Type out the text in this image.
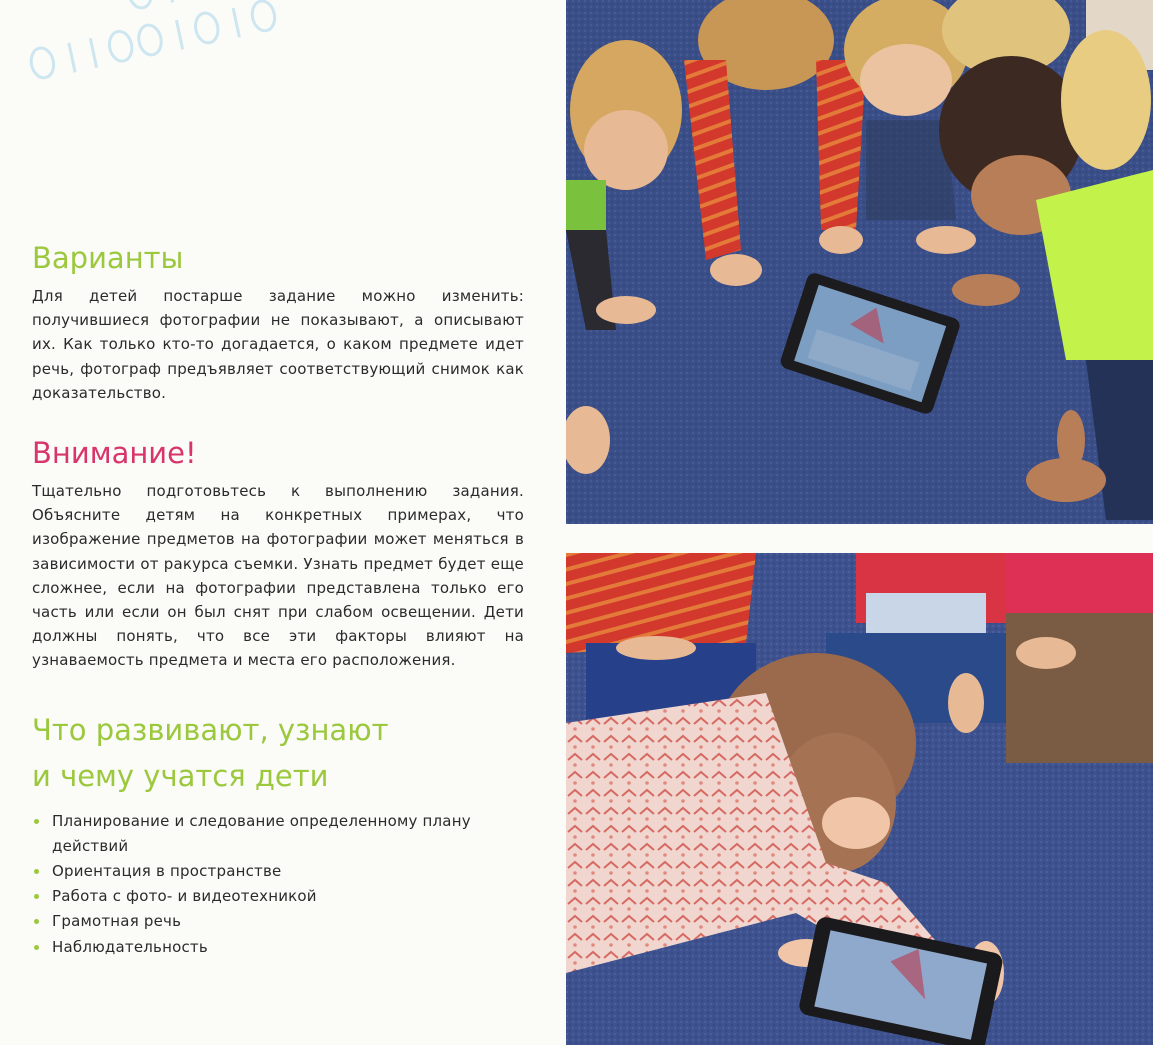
Варианты

Для детей постарше задание можно изменить: получившиеся фотографии не показывают, а описывают их. Как только кто-то догадается, о каком предмете идет речь, фотограф предъявляет соответствующий снимок как доказательство.

Внимание!

Тщательно подготовьтесь к выполнению задания. Объясните детям на конкретных примерах, что изображение предметов на фотографии может меняться в зависимости от ракурса съемки. Узнать предмет будет еще сложнее, если на фотографии представлена только его часть или если он был снят при слабом освещении. Дети должны понять, что все эти факторы влияют на узнаваемость предмета и места его расположения.

Что развивают, узнают
и чему учатся дети
Планирование и следование определенному плану действий
Ориентация в пространстве
Работа с фото- и видеотехникой
Грамотная речь
Наблюдательность
